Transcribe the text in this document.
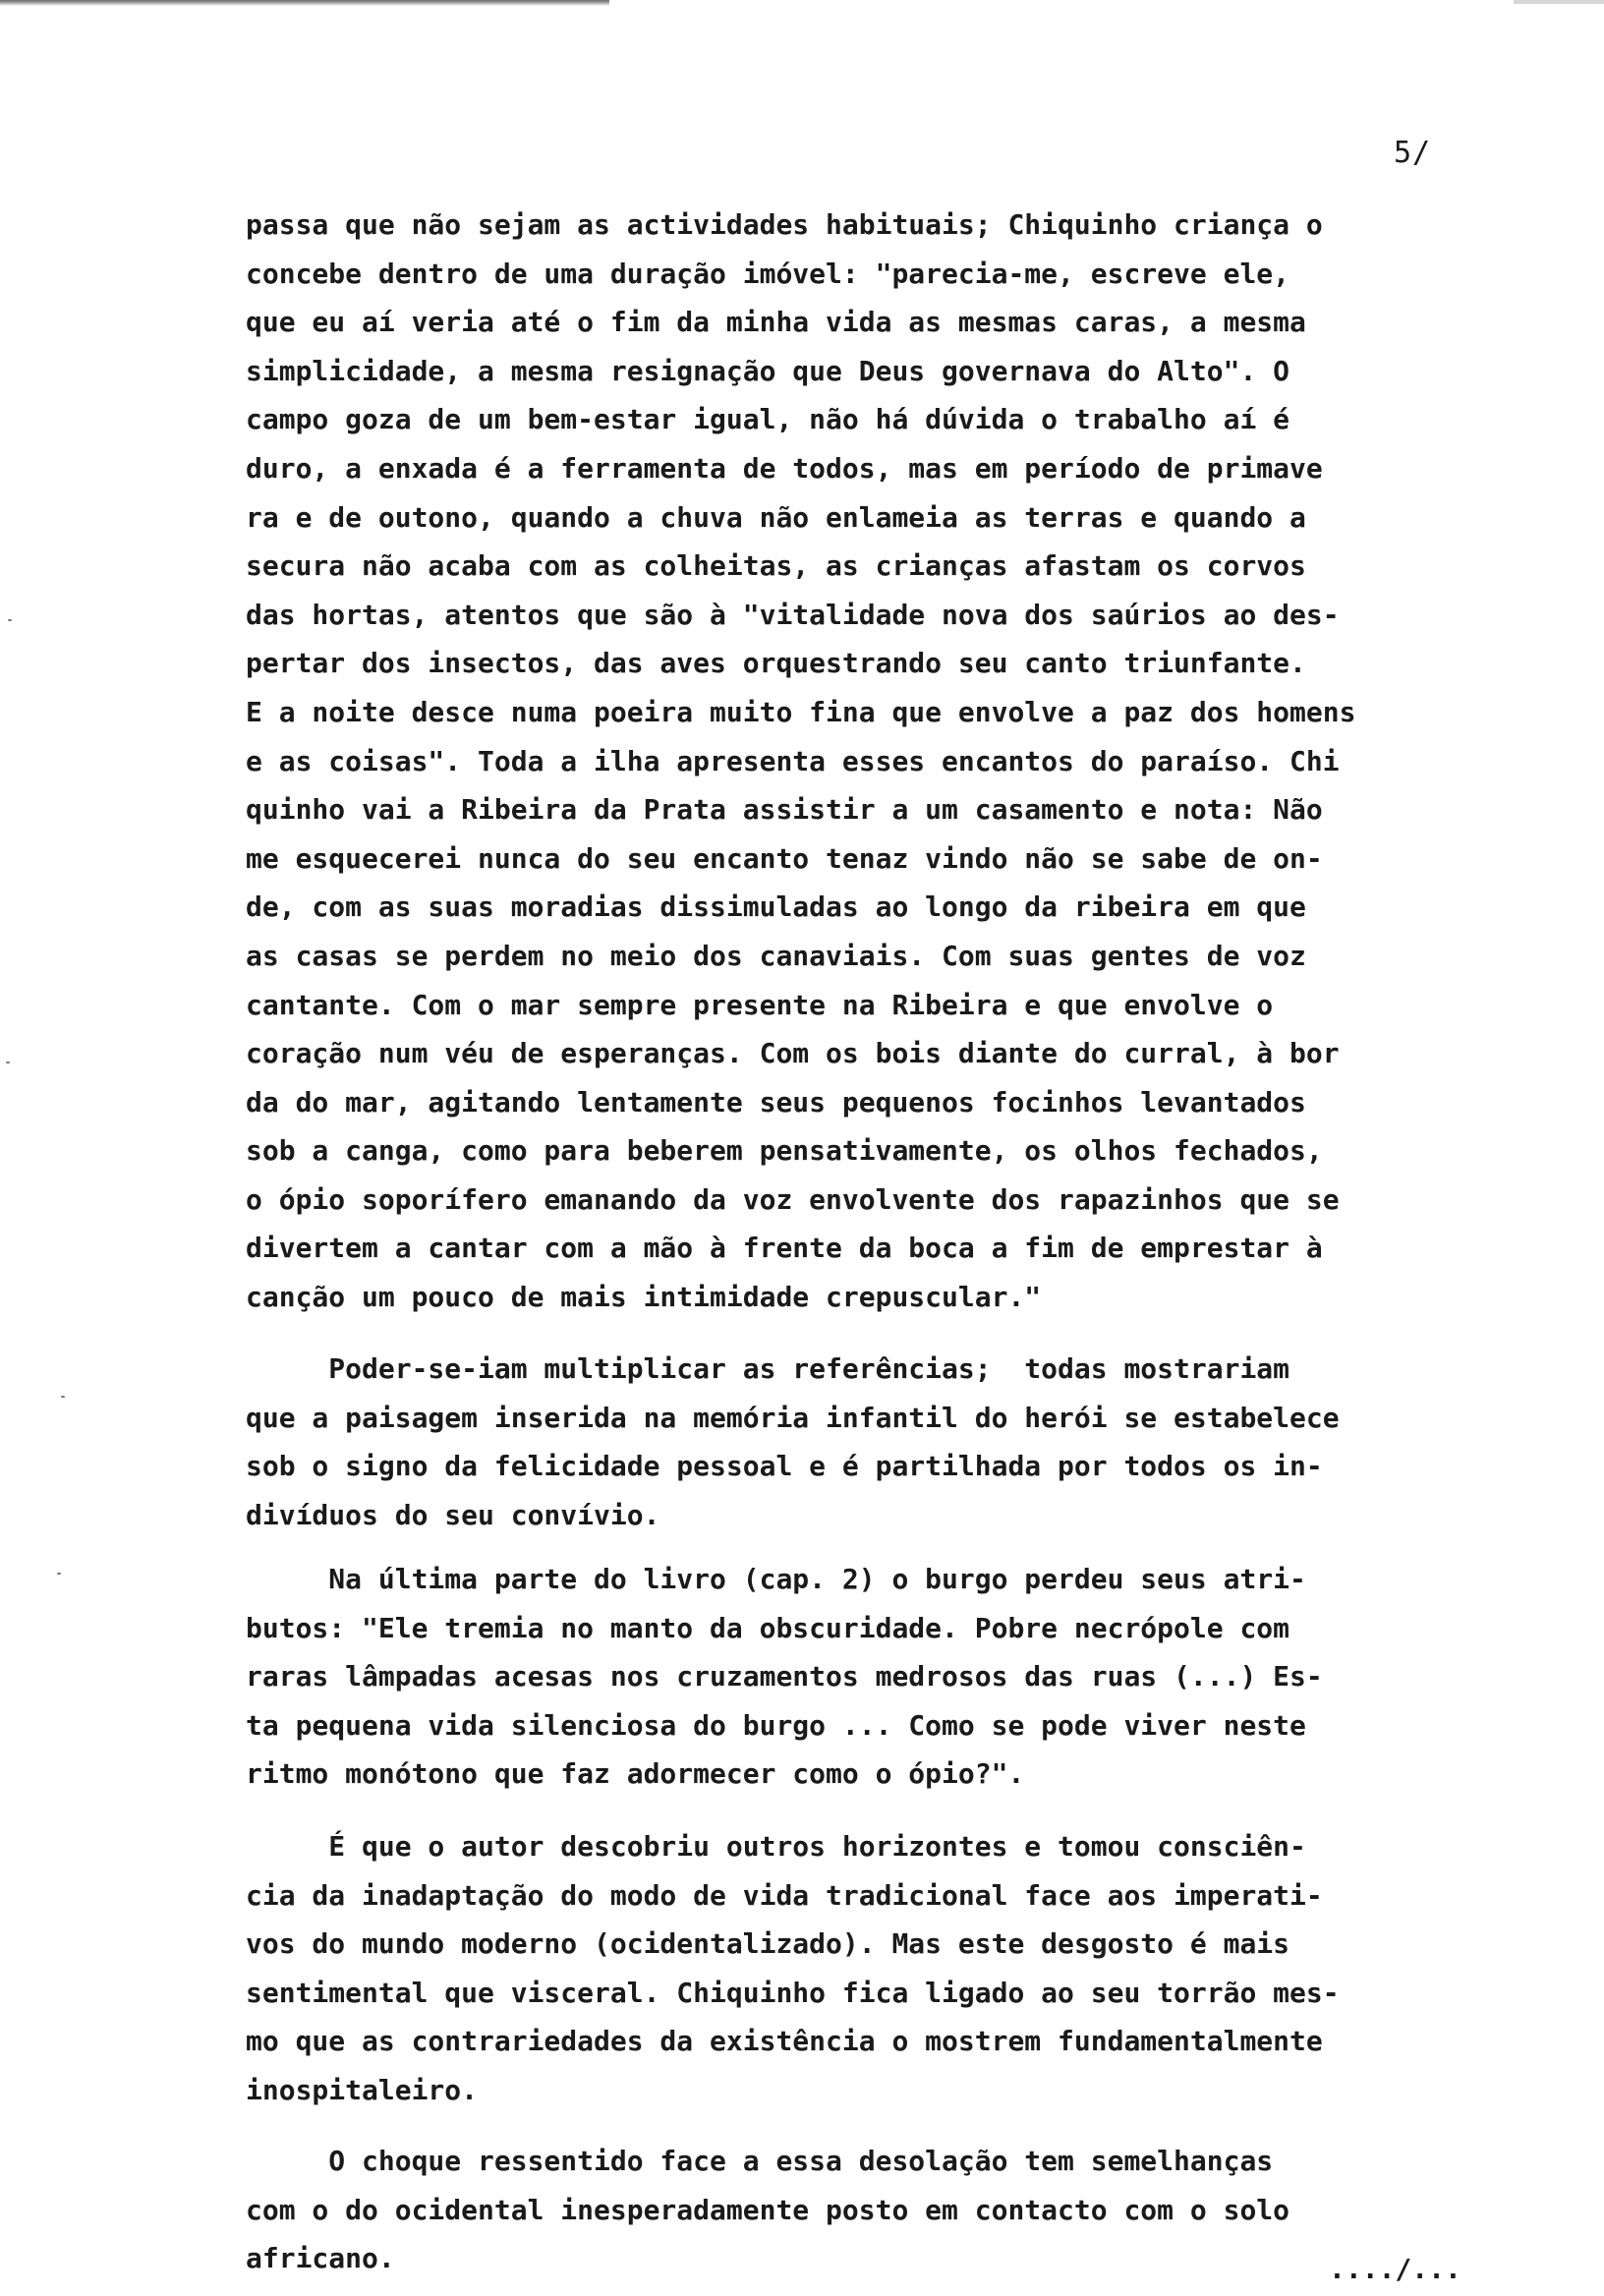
5/
passa que não sejam as actividades habituais; Chiquinho criança o
concebe dentro de uma duração imóvel: "parecia-me, escreve ele,
que eu aí veria até o fim da minha vida as mesmas caras, a mesma
simplicidade, a mesma resignação que Deus governava do Alto". O
campo goza de um bem-estar igual, não há dúvida o trabalho aí é
duro, a enxada é a ferramenta de todos, mas em período de primave
ra e de outono, quando a chuva não enlameia as terras e quando a
secura não acaba com as colheitas, as crianças afastam os corvos
das hortas, atentos que são à "vitalidade nova dos saúrios ao des-
pertar dos insectos, das aves orquestrando seu canto triunfante.
E a noite desce numa poeira muito fina que envolve a paz dos homens
e as coisas". Toda a ilha apresenta esses encantos do paraíso. Chi
quinho vai a Ribeira da Prata assistir a um casamento e nota: Não
me esquecerei nunca do seu encanto tenaz vindo não se sabe de on-
de, com as suas moradias dissimuladas ao longo da ribeira em que
as casas se perdem no meio dos canaviais. Com suas gentes de voz
cantante. Com o mar sempre presente na Ribeira e que envolve o
coração num véu de esperanças. Com os bois diante do curral, à bor
da do mar, agitando lentamente seus pequenos focinhos levantados
sob a canga, como para beberem pensativamente, os olhos fechados,
o ópio soporífero emanando da voz envolvente dos rapazinhos que se
divertem a cantar com a mão à frente da boca a fim de emprestar à
canção um pouco de mais intimidade crepuscular."
Poder-se-iam multiplicar as referências;  todas mostrariam
que a paisagem inserida na memória infantil do herói se estabelece
sob o signo da felicidade pessoal e é partilhada por todos os in-
divíduos do seu convívio.
Na última parte do livro (cap. 2) o burgo perdeu seus atri-
butos: "Ele tremia no manto da obscuridade. Pobre necrópole com
raras lâmpadas acesas nos cruzamentos medrosos das ruas (...) Es-
ta pequena vida silenciosa do burgo ... Como se pode viver neste
ritmo monótono que faz adormecer como o ópio?".
É que o autor descobriu outros horizontes e tomou consciên-
cia da inadaptação do modo de vida tradicional face aos imperati-
vos do mundo moderno (ocidentalizado). Mas este desgosto é mais
sentimental que visceral. Chiquinho fica ligado ao seu torrão mes-
mo que as contrariedades da existência o mostrem fundamentalmente
inospitaleiro.
O choque ressentido face a essa desolação tem semelhanças
com o do ocidental inesperadamente posto em contacto com o solo
africano.	..../...
